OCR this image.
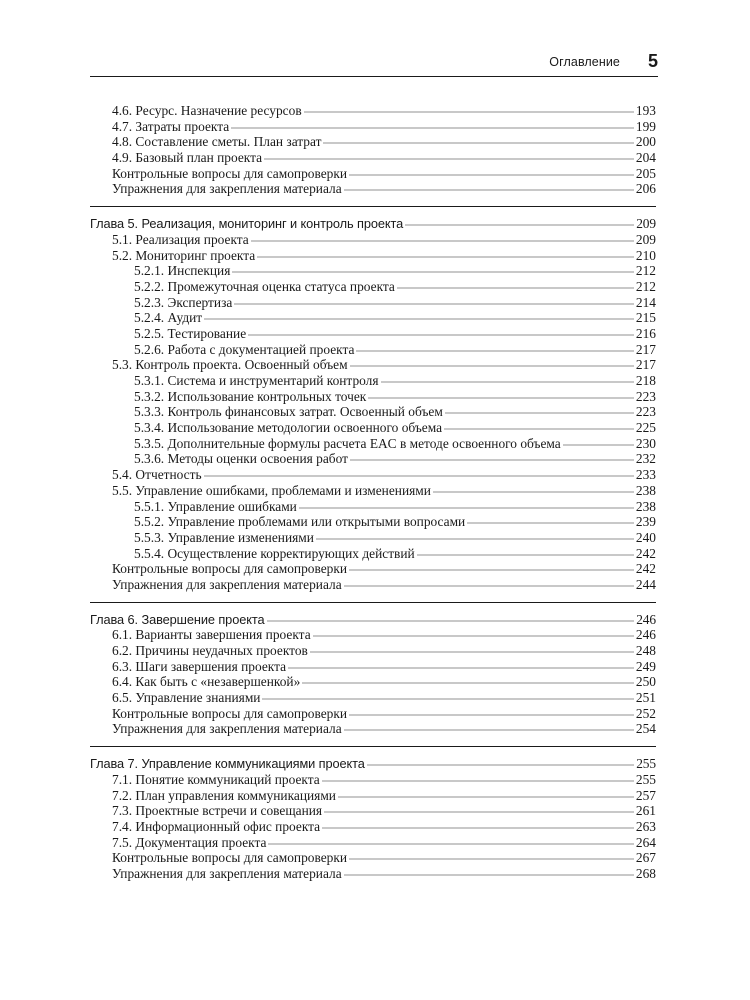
Оглавление 5
4.6. Ресурс. Назначение ресурсов	193
4.7. Затраты проекта	199
4.8. Составление сметы. План затрат	200
4.9. Базовый план проекта	204
Контрольные вопросы для самопроверки	205
Упражнения для закрепления материала	206
Глава 5. Реализация, мониторинг и контроль проекта	209
5.1. Реализация проекта	209
5.2. Мониторинг проекта	210
5.2.1. Инспекция	212
5.2.2. Промежуточная оценка статуса проекта	212
5.2.3. Экспертиза	214
5.2.4. Аудит	215
5.2.5. Тестирование	216
5.2.6. Работа с документацией проекта	217
5.3. Контроль проекта. Освоенный объем	217
5.3.1. Система и инструментарий контроля	218
5.3.2. Использование контрольных точек	223
5.3.3. Контроль финансовых затрат. Освоенный объем	223
5.3.4. Использование методологии освоенного объема	225
5.3.5. Дополнительные формулы расчета EAC в методе освоенного объема	230
5.3.6. Методы оценки освоения работ	232
5.4. Отчетность	233
5.5. Управление ошибками, проблемами и изменениями	238
5.5.1. Управление ошибками	238
5.5.2. Управление проблемами или открытыми вопросами	239
5.5.3. Управление изменениями	240
5.5.4. Осуществление корректирующих действий	242
Контрольные вопросы для самопроверки	242
Упражнения для закрепления материала	244
Глава 6. Завершение проекта	246
6.1. Варианты завершения проекта	246
6.2. Причины неудачных проектов	248
6.3. Шаги завершения проекта	249
6.4. Как быть с «незавершенкой»	250
6.5. Управление знаниями	251
Контрольные вопросы для самопроверки	252
Упражнения для закрепления материала	254
Глава 7. Управление коммуникациями проекта	255
7.1. Понятие коммуникаций проекта	255
7.2. План управления коммуникациями	257
7.3. Проектные встречи и совещания	261
7.4. Информационный офис проекта	263
7.5. Документация проекта	264
Контрольные вопросы для самопроверки	267
Упражнения для закрепления материала	268
